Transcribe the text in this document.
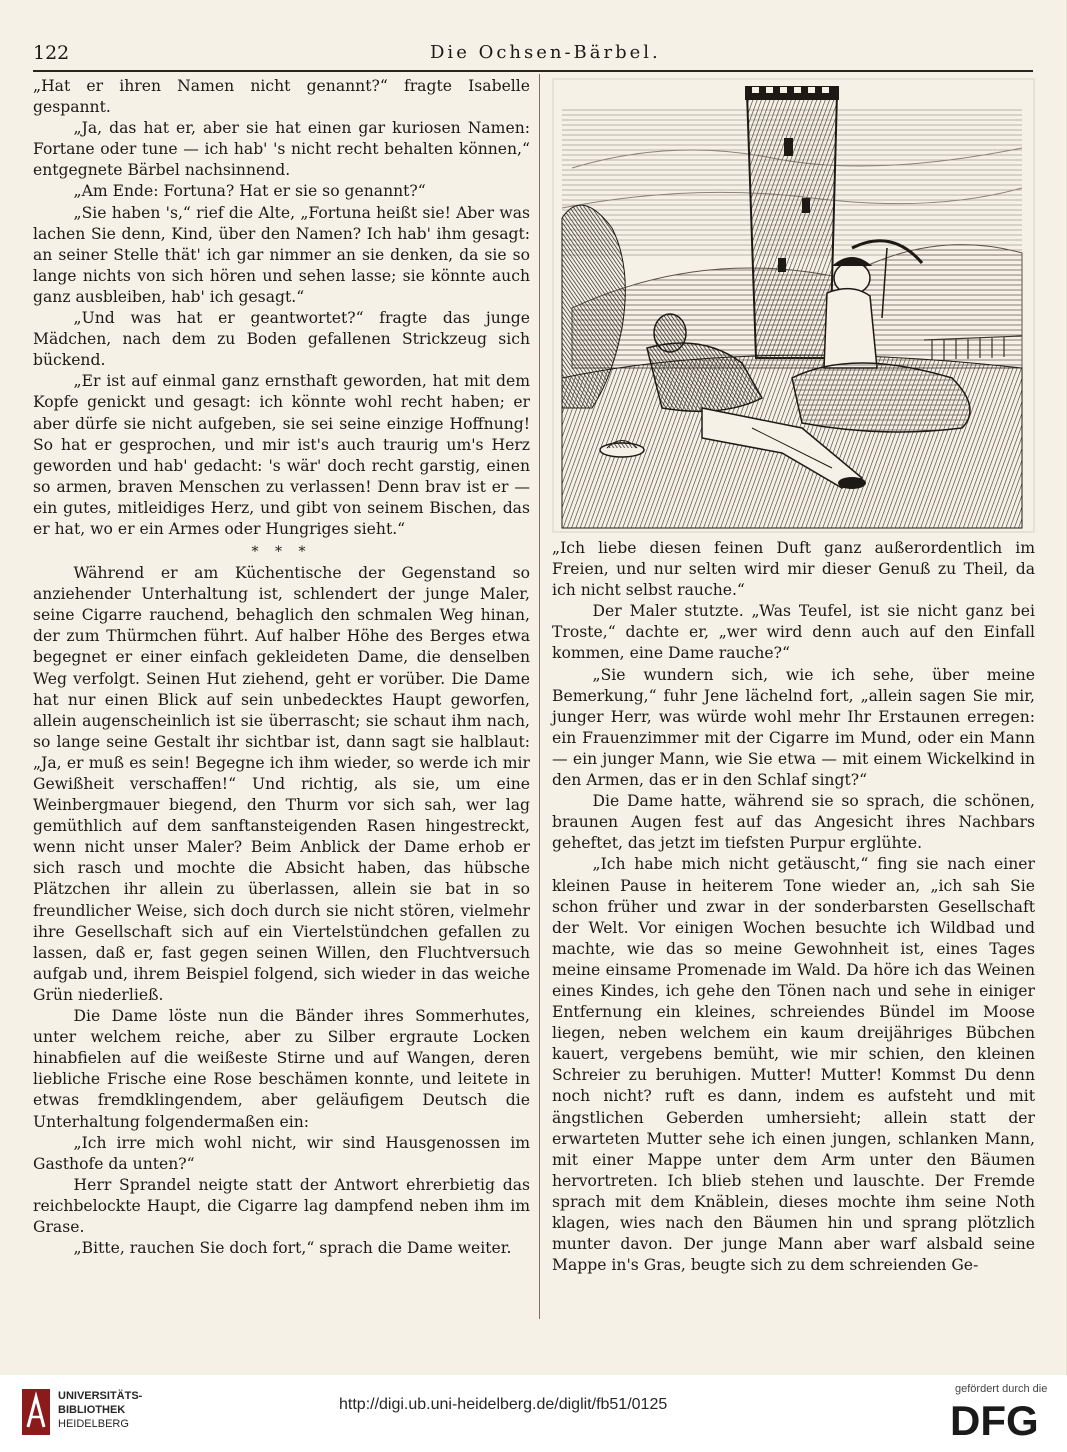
122	Die Ochsen-Bärbel.

„Hat er ihren Namen nicht genannt?“ fragte Isabelle gespannt.

„Ja, das hat er, aber sie hat einen gar kuriosen Namen: Fortane oder tune — ich hab' 's nicht recht behalten können,“ entgegnete Bärbel nachsinnend.

„Am Ende: Fortuna? Hat er sie so genannt?“

„Sie haben 's,“ rief die Alte, „Fortuna heißt sie! Aber was lachen Sie denn, Kind, über den Namen? Ich hab' ihm gesagt: an seiner Stelle thät' ich gar nimmer an sie denken, da sie so lange nichts von sich hören und sehen lasse; sie könnte auch ganz ausbleiben, hab' ich gesagt.“

„Und was hat er geantwortet?“ fragte das junge Mädchen, nach dem zu Boden gefallenen Strickzeug sich bückend.

„Er ist auf einmal ganz ernsthaft geworden, hat mit dem Kopfe genickt und gesagt: ich könnte wohl recht haben; er aber dürfe sie nicht aufgeben, sie sei seine einzige Hoffnung! So hat er gesprochen, und mir ist's auch traurig um's Herz geworden und hab' gedacht: 's wär' doch recht garstig, einen so armen, braven Menschen zu verlassen! Denn brav ist er — ein gutes, mitleidiges Herz, und gibt von seinem Bischen, das er hat, wo er ein Armes oder Hungriges sieht.“

* * *

Während er am Küchentische der Gegenstand so anziehender Unterhaltung ist, schlendert der junge Maler, seine Cigarre rauchend, behaglich den schmalen Weg hinan, der zum Thürmchen führt. Auf halber Höhe des Berges etwa begegnet er einer einfach gekleideten Dame, die denselben Weg verfolgt. Seinen Hut ziehend, geht er vorüber. Die Dame hat nur einen Blick auf sein unbedecktes Haupt geworfen, allein augenscheinlich ist sie überrascht; sie schaut ihm nach, so lange seine Gestalt ihr sichtbar ist, dann sagt sie halblaut: „Ja, er muß es sein! Begegne ich ihm wieder, so werde ich mir Gewißheit verschaffen!“ Und richtig, als sie, um eine Weinbergmauer biegend, den Thurm vor sich sah, wer lag gemüthlich auf dem sanftansteigenden Rasen hingestreckt, wenn nicht unser Maler? Beim Anblick der Dame erhob er sich rasch und mochte die Absicht haben, das hübsche Plätzchen ihr allein zu überlassen, allein sie bat in so freundlicher Weise, sich doch durch sie nicht stören, vielmehr ihre Gesellschaft sich auf ein Viertelstündchen gefallen zu lassen, daß er, fast gegen seinen Willen, den Fluchtversuch aufgab und, ihrem Beispiel folgend, sich wieder in das weiche Grün niederließ.

Die Dame löste nun die Bänder ihres Sommerhutes, unter welchem reiche, aber zu Silber ergraute Locken hinabfielen auf die weißeste Stirne und auf Wangen, deren liebliche Frische eine Rose beschämen konnte, und leitete in etwas fremdklingendem, aber geläufigem Deutsch die Unterhaltung folgendermaßen ein:

„Ich irre mich wohl nicht, wir sind Hausgenossen im Gasthofe da unten?“

Herr Sprandel neigte statt der Antwort ehrerbietig das reichbelockte Haupt, die Cigarre lag dampfend neben ihm im Grase.

„Bitte, rauchen Sie doch fort,“ sprach die Dame weiter.

„Ich liebe diesen feinen Duft ganz außerordentlich im Freien, und nur selten wird mir dieser Genuß zu Theil, da ich nicht selbst rauche.“

Der Maler stutzte. „Was Teufel, ist sie nicht ganz bei Troste,“ dachte er, „wer wird denn auch auf den Einfall kommen, eine Dame rauche?“

„Sie wundern sich, wie ich sehe, über meine Bemerkung,“ fuhr Jene lächelnd fort, „allein sagen Sie mir, junger Herr, was würde wohl mehr Ihr Erstaunen erregen: ein Frauenzimmer mit der Cigarre im Mund, oder ein Mann — ein junger Mann, wie Sie etwa — mit einem Wickelkind in den Armen, das er in den Schlaf singt?“

Die Dame hatte, während sie so sprach, die schönen, braunen Augen fest auf das Angesicht ihres Nachbars geheftet, das jetzt im tiefsten Purpur erglühte.

„Ich habe mich nicht getäuscht,“ fing sie nach einer kleinen Pause in heiterem Tone wieder an, „ich sah Sie schon früher und zwar in der sonderbarsten Gesellschaft der Welt. Vor einigen Wochen besuchte ich Wildbad und machte, wie das so meine Gewohnheit ist, eines Tages meine einsame Promenade im Wald. Da höre ich das Weinen eines Kindes, ich gehe den Tönen nach und sehe in einiger Entfernung ein kleines, schreiendes Bündel im Moose liegen, neben welchem ein kaum dreijähriges Bübchen kauert, vergebens bemüht, wie mir schien, den kleinen Schreier zu beruhigen. Mutter! Mutter! Kommst Du denn noch nicht? ruft es dann, indem es aufsteht und mit ängstlichen Geberden umhersieht; allein statt der erwarteten Mutter sehe ich einen jungen, schlanken Mann, mit einer Mappe unter dem Arm unter den Bäumen hervortreten. Ich blieb stehen und lauschte. Der Fremde sprach mit dem Knäblein, dieses mochte ihm seine Noth klagen, wies nach den Bäumen hin und sprang plötzlich munter davon. Der junge Mann aber warf alsbald seine Mappe in's Gras, beugte sich zu dem schreienden Ge-

UNIVERSITÄTS-
BIBLIOTHEK
HEIDELBERG
http://digi.ub.uni-heidelberg.de/diglit/fb51/0125
gefördert durch die
DFG
